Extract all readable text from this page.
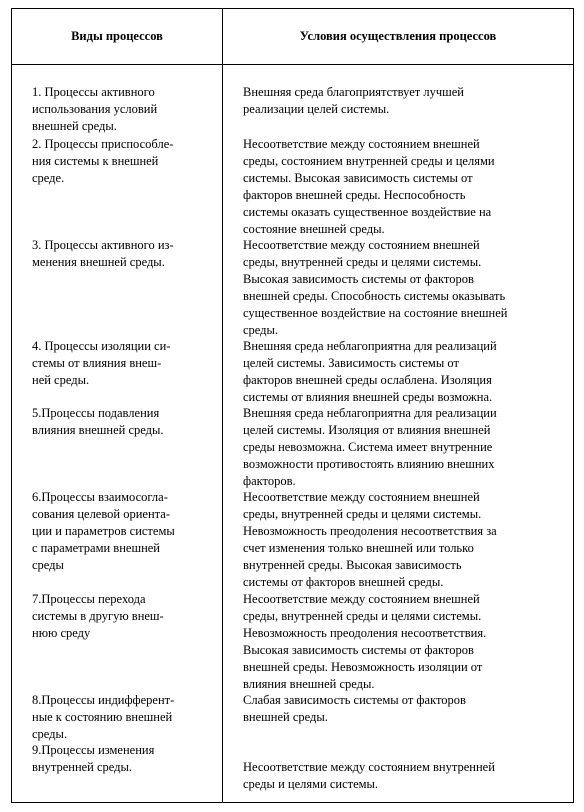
Виды процессов	Условия осуществления процессов
1. Процессы активного
использования условий
внешней среды.
Внешняя среда благоприятствует лучшей
реализации целей системы.
2. Процессы приспособле-
ния системы к внешней
среде.
Несоответствие между состоянием внешней
среды, состоянием внутренней среды и целями
системы. Высокая зависимость системы от
факторов внешней среды. Неспособность
системы оказать существенное воздействие на
состояние внешней среды.
3. Процессы активного из-
менения внешней среды.
Несоответствие между состоянием внешней
среды, внутренней среды и целями системы.
Высокая зависимость системы от факторов
внешней среды. Способность системы оказывать
существенное воздействие на состояние внешней
среды.
4. Процессы изоляции си-
стемы от влияния внеш-
ней среды.
Внешняя среда неблагоприятна для реализаций
целей системы. Зависимость системы от
факторов внешней среды ослаблена. Изоляция
системы от влияния внешней среды возможна.
5.Процессы подавления
влияния внешней среды.
Внешняя среда неблагоприятна для реализации
целей системы. Изоляция от влияния внешней
среды невозможна. Система имеет внутренние
возможности противостоять влиянию внешних
факторов.
6.Процессы взаимосогла-
сования целевой ориента-
ции и параметров системы
с параметрами внешней
среды
Несоответствие между состоянием внешней
среды, внутренней среды и целями системы.
Невозможность преодоления несоответствия за
счет изменения только внешней или только
внутренней среды. Высокая зависимость
системы от факторов внешней среды.
7.Процессы перехода
системы в другую внеш-
нюю среду
Несоответствие между состоянием внешней
среды, внутренней среды и целями системы.
Невозможность преодоления несоответствия.
Высокая зависимость системы от факторов
внешней среды. Невозможность изоляции от
влияния внешней среды.
8.Процессы индифферент-
ные к состоянию внешней
среды.
Слабая зависимость системы от факторов
внешней среды.
9.Процессы изменения
внутренней среды.	
Несоответствие между состоянием внутренней
среды и целями системы.
